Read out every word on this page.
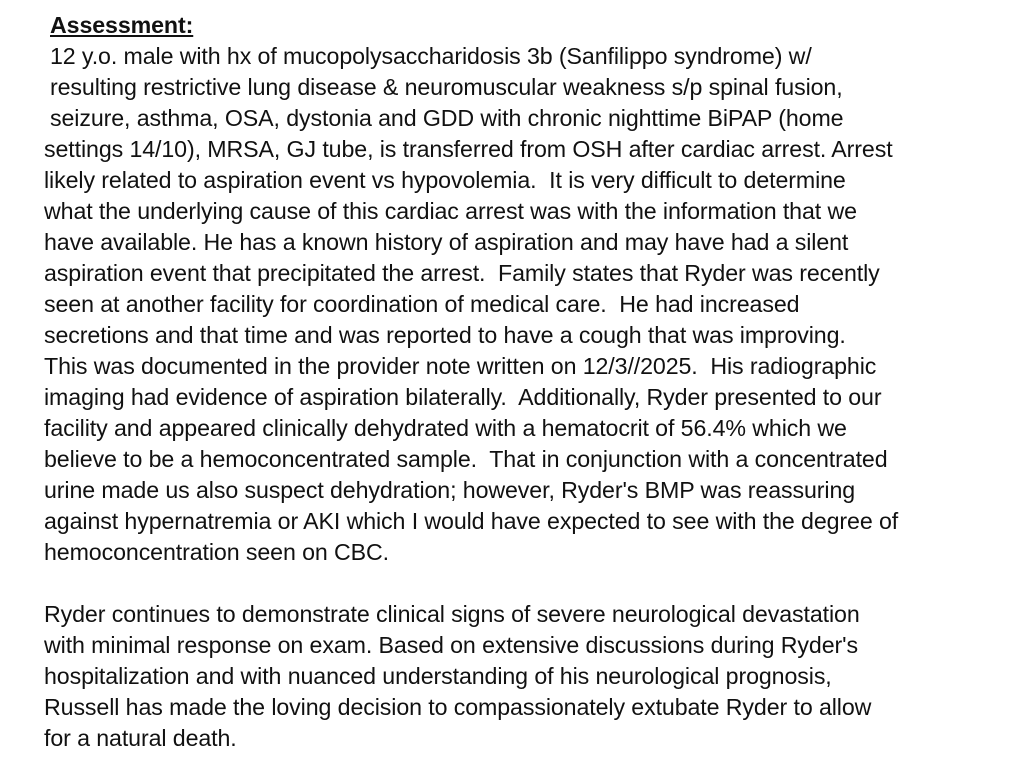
Assessment:
12 y.o. male with hx of mucopolysaccharidosis 3b (Sanfilippo syndrome) w/
resulting restrictive lung disease & neuromuscular weakness s/p spinal fusion,
seizure, asthma, OSA, dystonia and GDD with chronic nighttime BiPAP (home
settings 14/10), MRSA, GJ tube, is transferred from OSH after cardiac arrest. Arrest
likely related to aspiration event vs hypovolemia.  It is very difficult to determine
what the underlying cause of this cardiac arrest was with the information that we
have available. He has a known history of aspiration and may have had a silent
aspiration event that precipitated the arrest.  Family states that Ryder was recently
seen at another facility for coordination of medical care.  He had increased
secretions and that time and was reported to have a cough that was improving.
This was documented in the provider note written on 12/3//2025.  His radiographic
imaging had evidence of aspiration bilaterally.  Additionally, Ryder presented to our
facility and appeared clinically dehydrated with a hematocrit of 56.4% which we
believe to be a hemoconcentrated sample.  That in conjunction with a concentrated
urine made us also suspect dehydration; however, Ryder's BMP was reassuring
against hypernatremia or AKI which I would have expected to see with the degree of
hemoconcentration seen on CBC.
Ryder continues to demonstrate clinical signs of severe neurological devastation
with minimal response on exam. Based on extensive discussions during Ryder's
hospitalization and with nuanced understanding of his neurological prognosis,
Russell has made the loving decision to compassionately extubate Ryder to allow
for a natural death.
